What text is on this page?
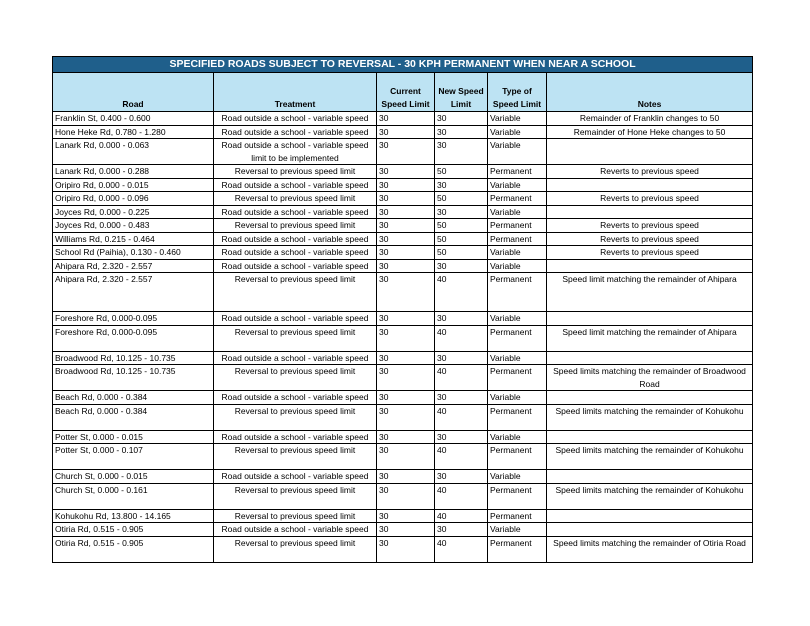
SPECIFIED ROADS SUBJECT TO REVERSAL - 30 KPH PERMANENT WHEN NEAR A SCHOOL					
Road	Treatment	Current Speed Limit	New Speed Limit	Type of Speed Limit	Notes
Franklin St, 0.400 - 0.600	Road outside a school - variable speed	30	30	Variable	Remainder of Franklin changes to 50
Hone Heke Rd, 0.780 - 1.280	Road outside a school - variable speed	30	30	Variable	Remainder of Hone Heke changes to 50
Lanark Rd, 0.000 - 0.063	Road outside a school - variable speed limit to be implemented	30	30	Variable	
Lanark Rd, 0.000 - 0.288	Reversal to previous speed limit	30	50	Permanent	Reverts to previous speed
Oripiro Rd, 0.000 - 0.015	Road outside a school - variable speed	30	30	Variable	
Oripiro Rd, 0.000 - 0.096	Reversal to previous speed limit	30	50	Permanent	Reverts to previous speed
Joyces Rd, 0.000 - 0.225	Road outside a school - variable speed	30	30	Variable	
Joyces Rd, 0.000 - 0.483	Reversal to previous speed limit	30	50	Permanent	Reverts to previous speed
Williams Rd, 0.215 - 0.464	Road outside a school - variable speed	30	50	Permanent	Reverts to previous speed
School Rd (Paihia), 0.130 - 0.460	Road outside a school - variable speed	30	50	Variable	Reverts to previous speed
Ahipara Rd, 2.320 - 2.557	Road outside a school - variable speed	30	30	Variable	
Ahipara Rd, 2.320 - 2.557	Reversal to previous speed limit	30	40	Permanent	Speed limit matching the remainder of Ahipara
Foreshore Rd, 0.000-0.095	Road outside a school - variable speed	30	30	Variable	
Foreshore Rd, 0.000-0.095	Reversal to previous speed limit	30	40	Permanent	Speed limit matching the remainder of Ahipara
Broadwood Rd, 10.125 - 10.735	Road outside a school - variable speed	30	30	Variable	
Broadwood Rd, 10.125 - 10.735	Reversal to previous speed limit	30	40	Permanent	Speed limits matching the remainder of Broadwood Road
Beach Rd, 0.000 - 0.384	Road outside a school - variable speed	30	30	Variable	
Beach Rd, 0.000 - 0.384	Reversal to previous speed limit	30	40	Permanent	Speed limits matching the remainder of Kohukohu
Potter St, 0.000 - 0.015	Road outside a school - variable speed	30	30	Variable	
Potter St, 0.000 - 0.107	Reversal to previous speed limit	30	40	Permanent	Speed limits matching the remainder of Kohukohu
Church St, 0.000 - 0.015	Road outside a school - variable speed	30	30	Variable	
Church St, 0.000 - 0.161	Reversal to previous speed limit	30	40	Permanent	Speed limits matching the remainder of Kohukohu
Kohukohu Rd, 13.800 - 14.165	Reversal to previous speed limit	30	40	Permanent	
Otiria Rd, 0.515 - 0.905	Road outside a school - variable speed	30	30	Variable	
Otiria Rd, 0.515 - 0.905	Reversal to previous speed limit	30	40	Permanent	Speed limits matching the remainder of Otiria Road
